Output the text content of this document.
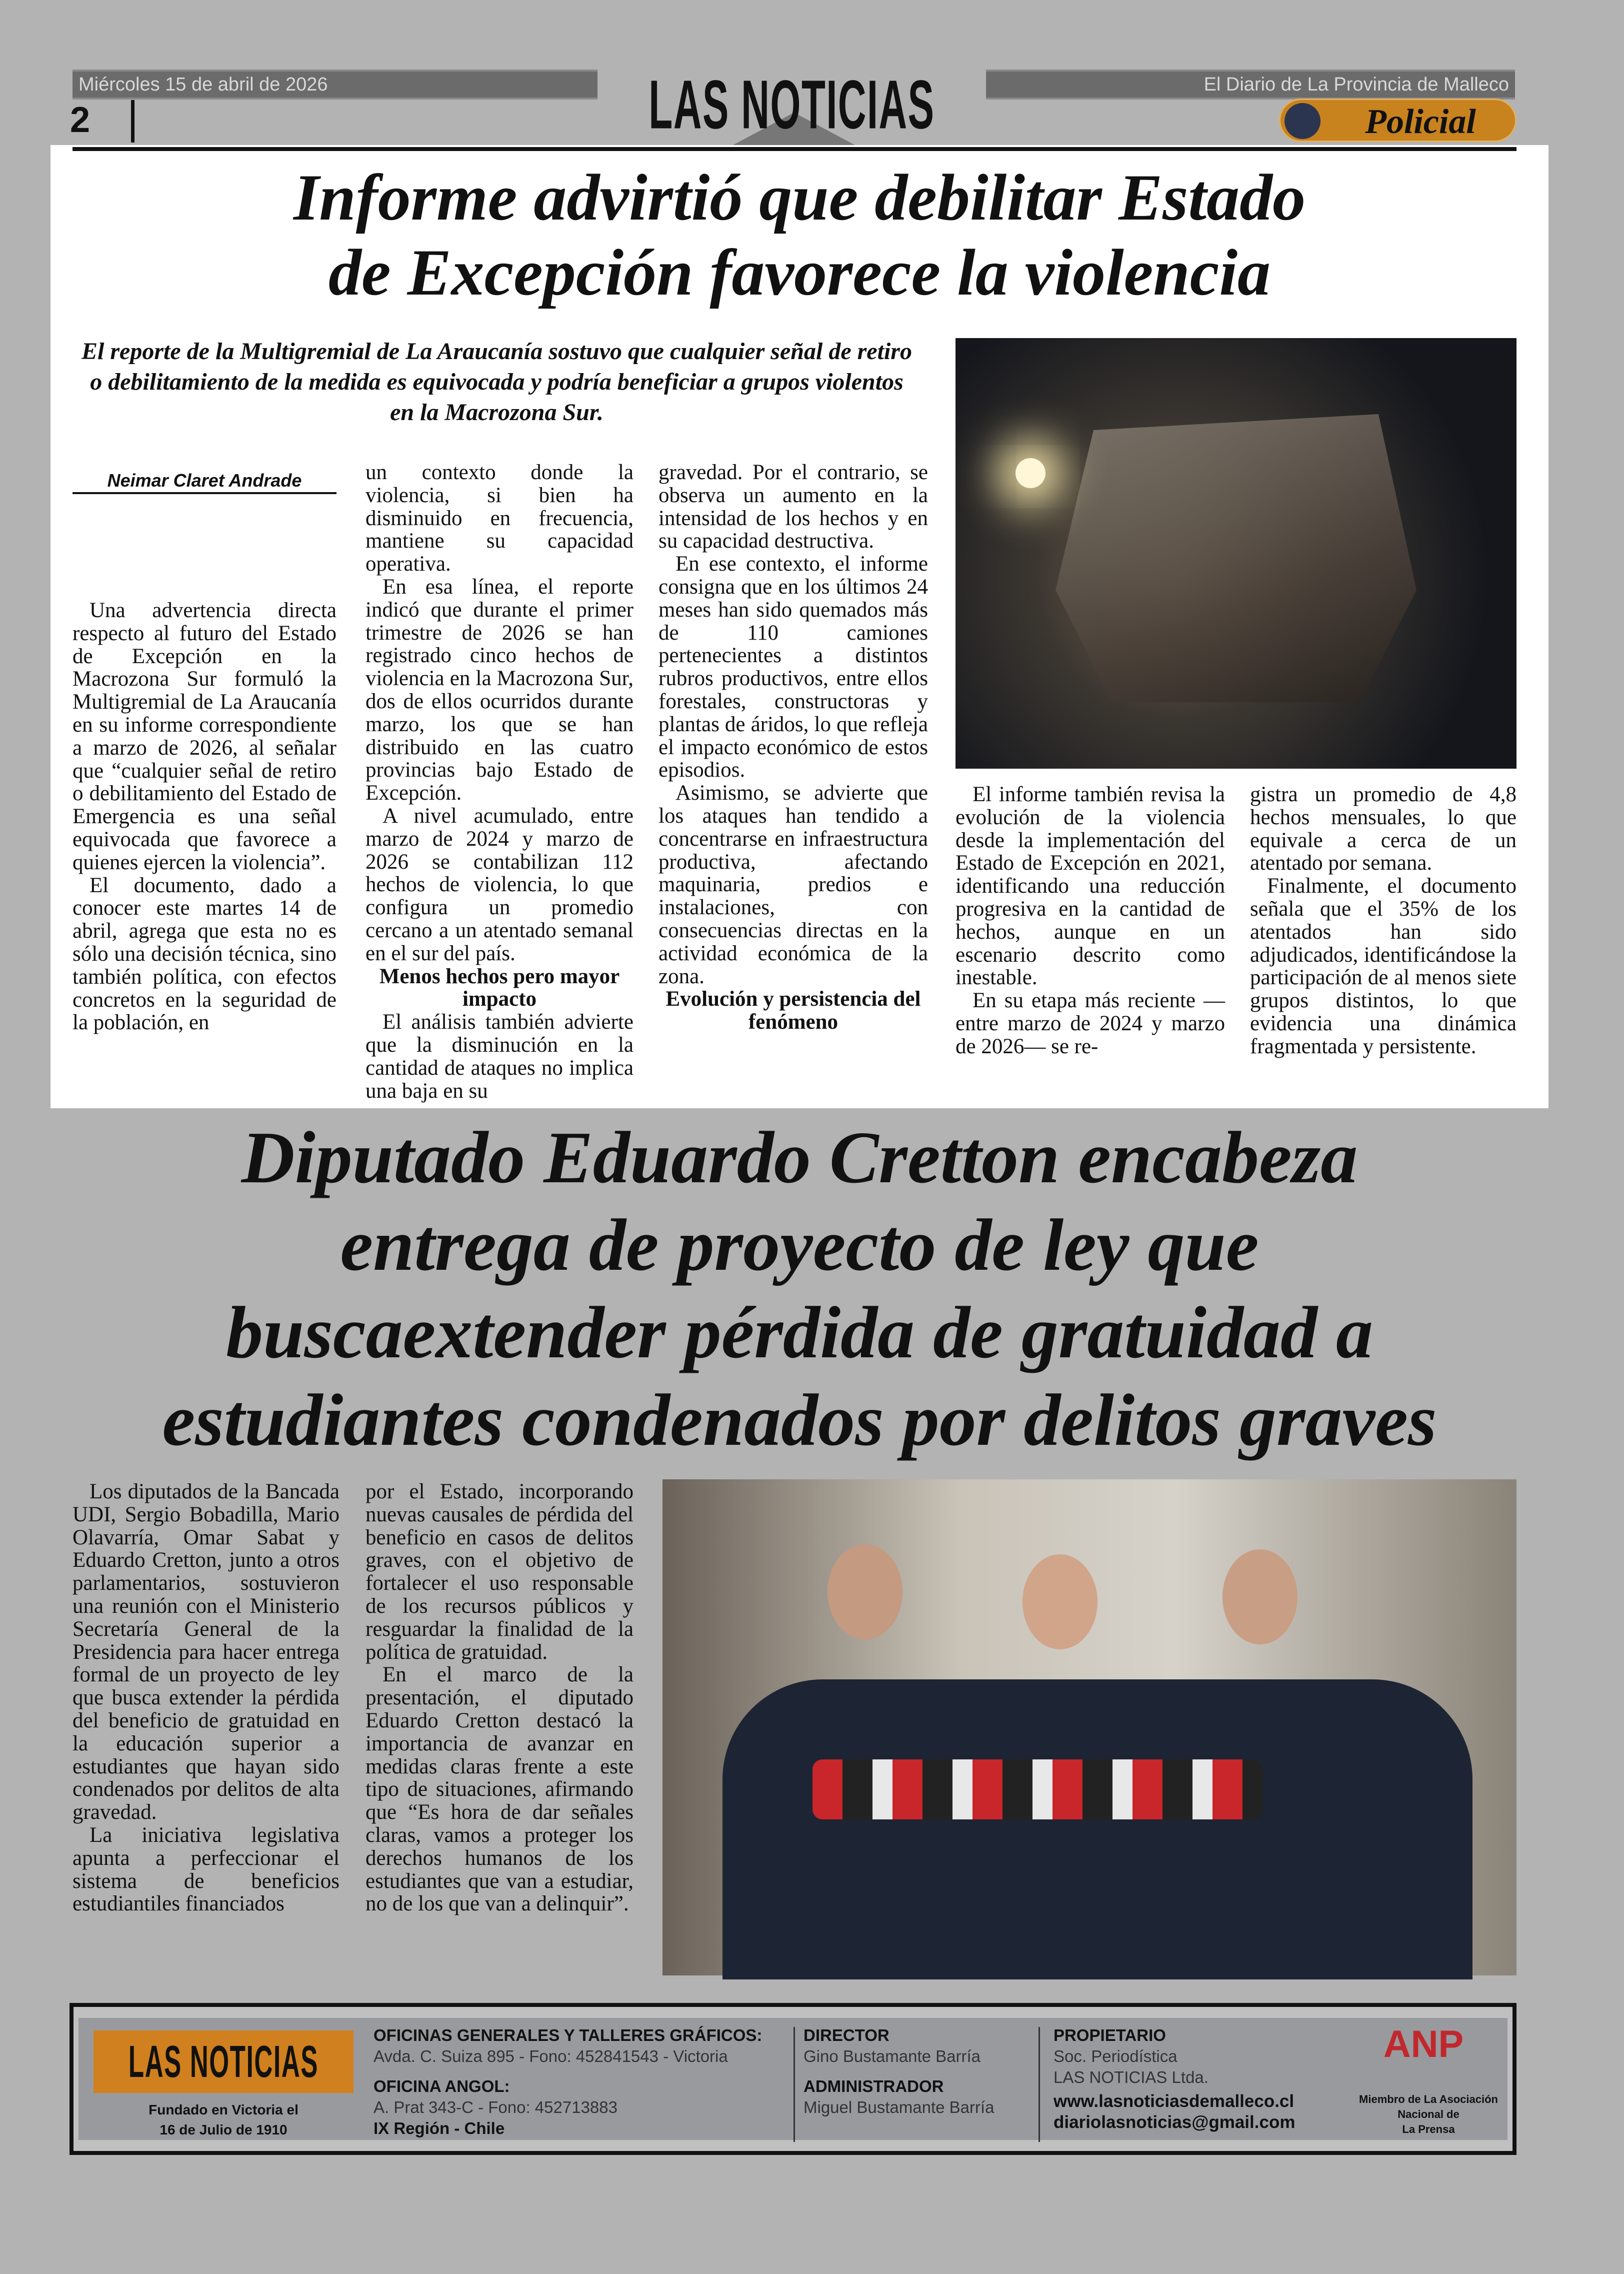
Miércoles 15 de abril de 2026	El Diario de La Provincia de Malleco
2	LAS NOTICIAS	Policial
Informe advirtió que debilitar Estado
de Excepción favorece la violencia
El reporte de la Multigremial de La Araucanía sostuvo que cualquier señal de retiro o debilitamiento de la medida es equivocada y podría beneficiar a grupos violentos en la Macrozona Sur.
Neimar Claret Andrade

Una advertencia directa respecto al futuro del Estado de Excepción en la Macrozona Sur formuló la Multigremial de La Araucanía en su informe correspondiente a marzo de 2026, al señalar que “cualquier señal de retiro o debilitamiento del Estado de Emergencia es una señal equivocada que favorece a quienes ejercen la violencia”.

El documento, dado a conocer este martes 14 de abril, agrega que esta no es sólo una decisión técnica, sino también política, con efectos concretos en la seguridad de la población, en

un contexto donde la violencia, si bien ha disminuido en frecuencia, mantiene su capacidad operativa.

En esa línea, el reporte indicó que durante el primer trimestre de 2026 se han registrado cinco hechos de violencia en la Macrozona Sur, dos de ellos ocurridos durante marzo, los que se han distribuido en las cuatro provincias bajo Estado de Excepción.

A nivel acumulado, entre marzo de 2024 y marzo de 2026 se contabilizan 112 hechos de violencia, lo que configura un promedio cercano a un atentado semanal en el sur del país.

Menos hechos pero mayor impacto

El análisis también advierte que la disminución en la cantidad de ataques no implica una baja en su

gravedad. Por el contrario, se observa un aumento en la intensidad de los hechos y en su capacidad destructiva.

En ese contexto, el informe consigna que en los últimos 24 meses han sido quemados más de 110 camiones pertenecientes a distintos rubros productivos, entre ellos forestales, constructoras y plantas de áridos, lo que refleja el impacto económico de estos episodios.

Asimismo, se advierte que los ataques han tendido a concentrarse en infraestructura productiva, afectando maquinaria, predios e instalaciones, con consecuencias directas en la actividad económica de la zona.

Evolución y persistencia del fenómeno

El informe también revisa la evolución de la violencia desde la implementación del Estado de Excepción en 2021, identificando una reducción progresiva en la cantidad de hechos, aunque en un escenario descrito como inestable.

En su etapa más reciente —entre marzo de 2024 y marzo de 2026— se re-

gistra un promedio de 4,8 hechos mensuales, lo que equivale a cerca de un atentado por semana.

Finalmente, el documento señala que el 35% de los atentados han sido adjudicados, identificándose la participación de al menos siete grupos distintos, lo que evidencia una dinámica fragmentada y persistente.

Diputado Eduardo Cretton encabeza
entrega de proyecto de ley que
buscaextender pérdida de gratuidad a
estudiantes condenados por delitos graves

Los diputados de la Bancada UDI, Sergio Bobadilla, Mario Olavarría, Omar Sabat y Eduardo Cretton, junto a otros parlamentarios, sostuvieron una reunión con el Ministerio Secretaría General de la Presidencia para hacer entrega formal de un proyecto de ley que busca extender la pérdida del beneficio de gratuidad en la educación superior a estudiantes que hayan sido condenados por delitos de alta gravedad.

La iniciativa legislativa apunta a perfeccionar el sistema de beneficios estudiantiles financiados

por el Estado, incorporando nuevas causales de pérdida del beneficio en casos de delitos graves, con el objetivo de fortalecer el uso responsable de los recursos públicos y resguardar la finalidad de la política de gratuidad.

En el marco de la presentación, el diputado Eduardo Cretton destacó la importancia de avanzar en medidas claras frente a este tipo de situaciones, afirmando que “Es hora de dar señales claras, vamos a proteger los derechos humanos de los estudiantes que van a estudiar, no de los que van a delinquir”.

LAS NOTICIAS
Fundado en Victoria el
16 de Julio de 1910
OFICINAS GENERALES Y TALLERES GRÁFICOS:
Avda. C. Suiza 895 - Fono: 452841543 - Victoria
OFICINA ANGOL:
A. Prat 343-C - Fono: 452713883
IX Región - Chile
DIRECTOR
Gino Bustamante Barría
ADMINISTRADOR
Miguel Bustamante Barría
PROPIETARIO
Soc. Periodística
LAS NOTICIAS Ltda.
www.lasnoticiasdemalleco.cl
diariolasnoticias@gmail.com
ANP
Miembro de La Asociación
Nacional de
La Prensa
